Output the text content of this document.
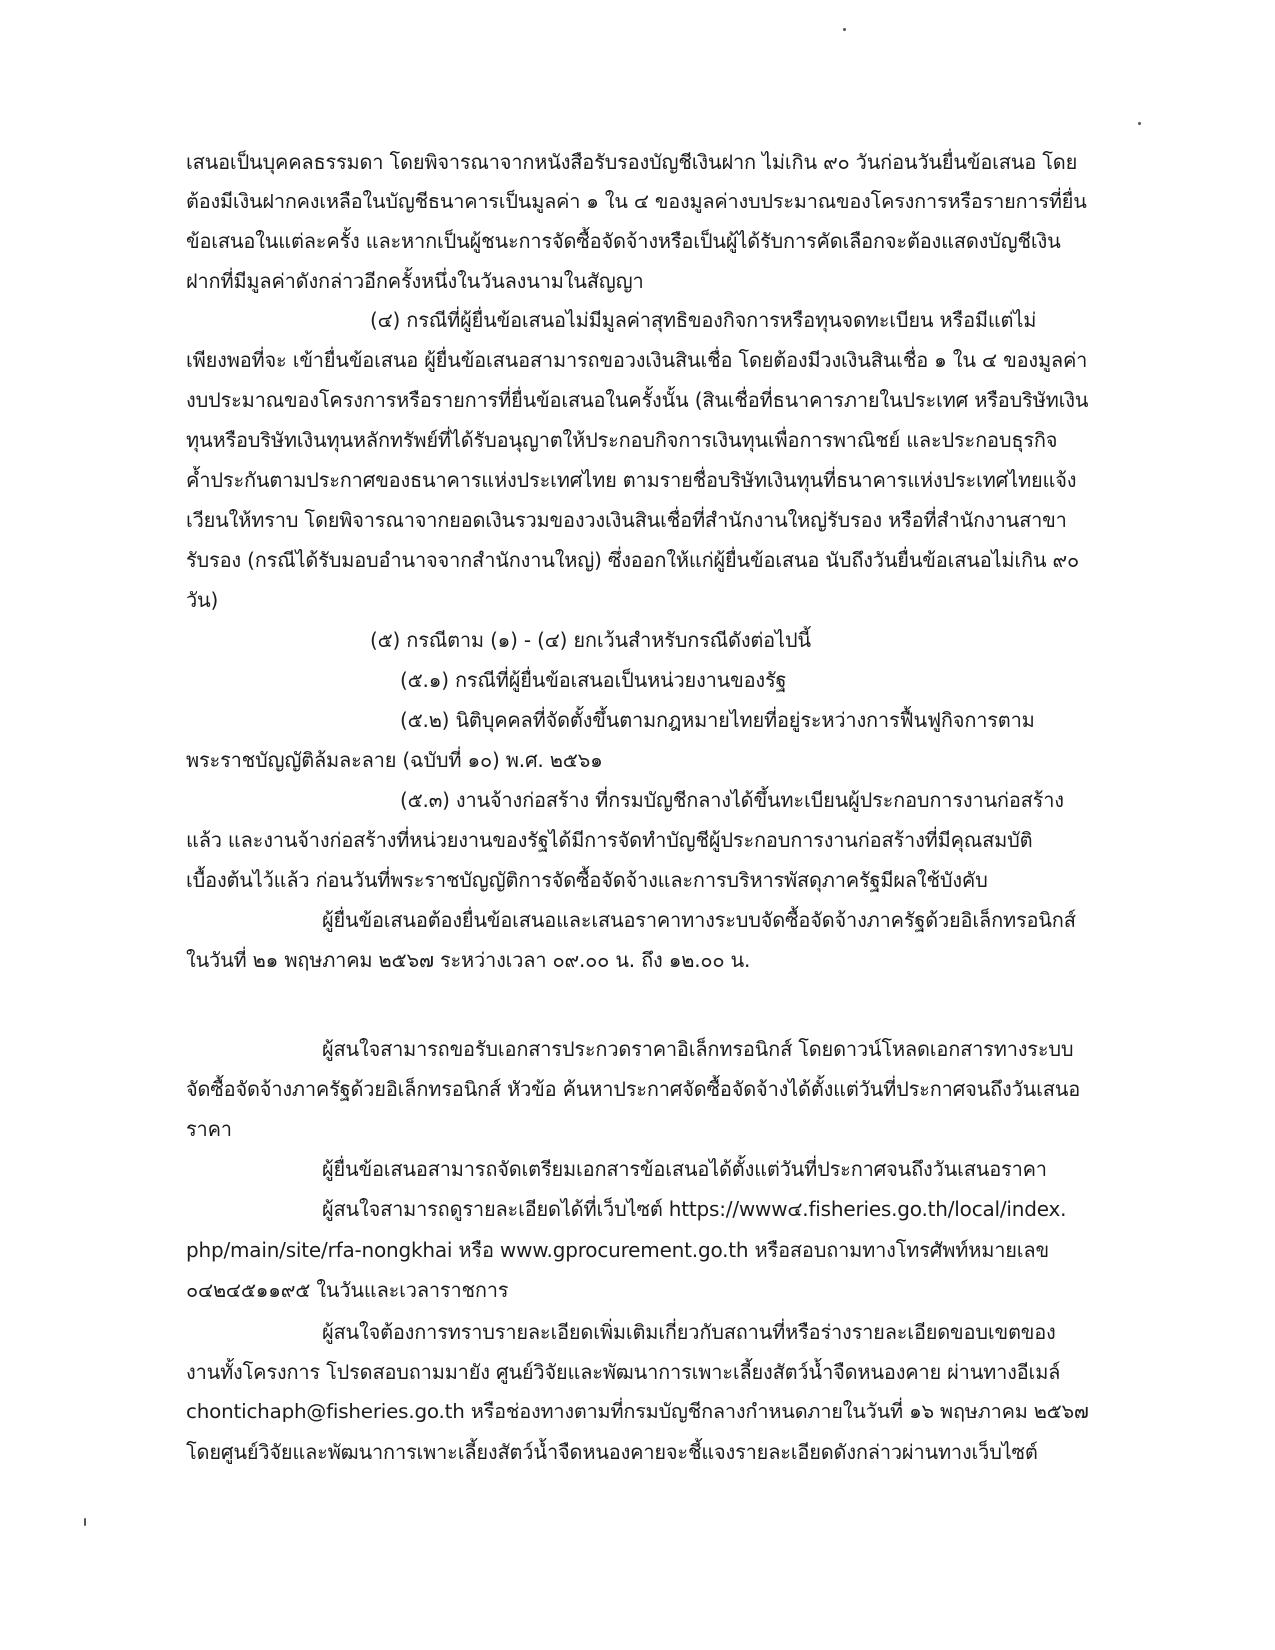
เสนอเป็นบุคคลธรรมดา โดยพิจารณาจากหนังสือรับรองบัญชีเงินฝาก ไม่เกิน ๙๐ วันก่อนวันยื่นข้อเสนอ โดย
ต้องมีเงินฝากคงเหลือในบัญชีธนาคารเป็นมูลค่า ๑ ใน ๔ ของมูลค่างบประมาณของโครงการหรือรายการที่ยื่น
ข้อเสนอในแต่ละครั้ง และหากเป็นผู้ชนะการจัดซื้อจัดจ้างหรือเป็นผู้ได้รับการคัดเลือกจะต้องแสดงบัญชีเงิน
ฝากที่มีมูลค่าดังกล่าวอีกครั้งหนึ่งในวันลงนามในสัญญา
(๔) กรณีที่ผู้ยื่นข้อเสนอไม่มีมูลค่าสุทธิของกิจการหรือทุนจดทะเบียน หรือมีแต่ไม่
เพียงพอที่จะ เข้ายื่นข้อเสนอ ผู้ยื่นข้อเสนอสามารถขอวงเงินสินเชื่อ โดยต้องมีวงเงินสินเชื่อ ๑ ใน ๔ ของมูลค่า
งบประมาณของโครงการหรือรายการที่ยื่นข้อเสนอในครั้งนั้น (สินเชื่อที่ธนาคารภายในประเทศ หรือบริษัทเงิน
ทุนหรือบริษัทเงินทุนหลักทรัพย์ที่ได้รับอนุญาตให้ประกอบกิจการเงินทุนเพื่อการพาณิชย์ และประกอบธุรกิจ
ค้ำประกันตามประกาศของธนาคารแห่งประเทศไทย ตามรายชื่อบริษัทเงินทุนที่ธนาคารแห่งประเทศไทยแจ้ง
เวียนให้ทราบ โดยพิจารณาจากยอดเงินรวมของวงเงินสินเชื่อที่สำนักงานใหญ่รับรอง หรือที่สำนักงานสาขา
รับรอง (กรณีได้รับมอบอำนาจจากสำนักงานใหญ่) ซึ่งออกให้แก่ผู้ยื่นข้อเสนอ นับถึงวันยื่นข้อเสนอไม่เกิน ๙๐
วัน)
(๕) กรณีตาม (๑) - (๔) ยกเว้นสำหรับกรณีดังต่อไปนี้
(๕.๑) กรณีที่ผู้ยื่นข้อเสนอเป็นหน่วยงานของรัฐ
(๕.๒) นิติบุคคลที่จัดตั้งขึ้นตามกฎหมายไทยที่อยู่ระหว่างการฟื้นฟูกิจการตาม
พระราชบัญญัติล้มละลาย (ฉบับที่ ๑๐) พ.ศ. ๒๕๖๑
(๕.๓) งานจ้างก่อสร้าง ที่กรมบัญชีกลางได้ขึ้นทะเบียนผู้ประกอบการงานก่อสร้าง
แล้ว และงานจ้างก่อสร้างที่หน่วยงานของรัฐได้มีการจัดทำบัญชีผู้ประกอบการงานก่อสร้างที่มีคุณสมบัติ
เบื้องต้นไว้แล้ว ก่อนวันที่พระราชบัญญัติการจัดซื้อจัดจ้างและการบริหารพัสดุภาครัฐมีผลใช้บังคับ
ผู้ยื่นข้อเสนอต้องยื่นข้อเสนอและเสนอราคาทางระบบจัดซื้อจัดจ้างภาครัฐด้วยอิเล็กทรอนิกส์
ในวันที่ ๒๑ พฤษภาคม ๒๕๖๗ ระหว่างเวลา ๐๙.๐๐ น. ถึง ๑๒.๐๐ น.
ผู้สนใจสามารถขอรับเอกสารประกวดราคาอิเล็กทรอนิกส์ โดยดาวน์โหลดเอกสารทางระบบ
จัดซื้อจัดจ้างภาครัฐด้วยอิเล็กทรอนิกส์ หัวข้อ ค้นหาประกาศจัดซื้อจัดจ้างได้ตั้งแต่วันที่ประกาศจนถึงวันเสนอ
ราคา
ผู้ยื่นข้อเสนอสามารถจัดเตรียมเอกสารข้อเสนอได้ตั้งแต่วันที่ประกาศจนถึงวันเสนอราคา
ผู้สนใจสามารถดูรายละเอียดได้ที่เว็บไซต์ https://www๔.fisheries.go.th/local/index.
php/main/site/rfa-nongkhai หรือ www.gprocurement.go.th หรือสอบถามทางโทรศัพท์หมายเลข
๐๔๒๔๕๑๑๙๕ ในวันและเวลาราชการ
ผู้สนใจต้องการทราบรายละเอียดเพิ่มเติมเกี่ยวกับสถานที่หรือร่างรายละเอียดขอบเขตของ
งานทั้งโครงการ โปรดสอบถามมายัง ศูนย์วิจัยและพัฒนาการเพาะเลี้ยงสัตว์น้ำจืดหนองคาย ผ่านทางอีเมล์
chontichaph@fisheries.go.th หรือช่องทางตามที่กรมบัญชีกลางกำหนดภายในวันที่ ๑๖ พฤษภาคม ๒๕๖๗
โดยศูนย์วิจัยและพัฒนาการเพาะเลี้ยงสัตว์น้ำจืดหนองคายจะชี้แจงรายละเอียดดังกล่าวผ่านทางเว็บไซต์
